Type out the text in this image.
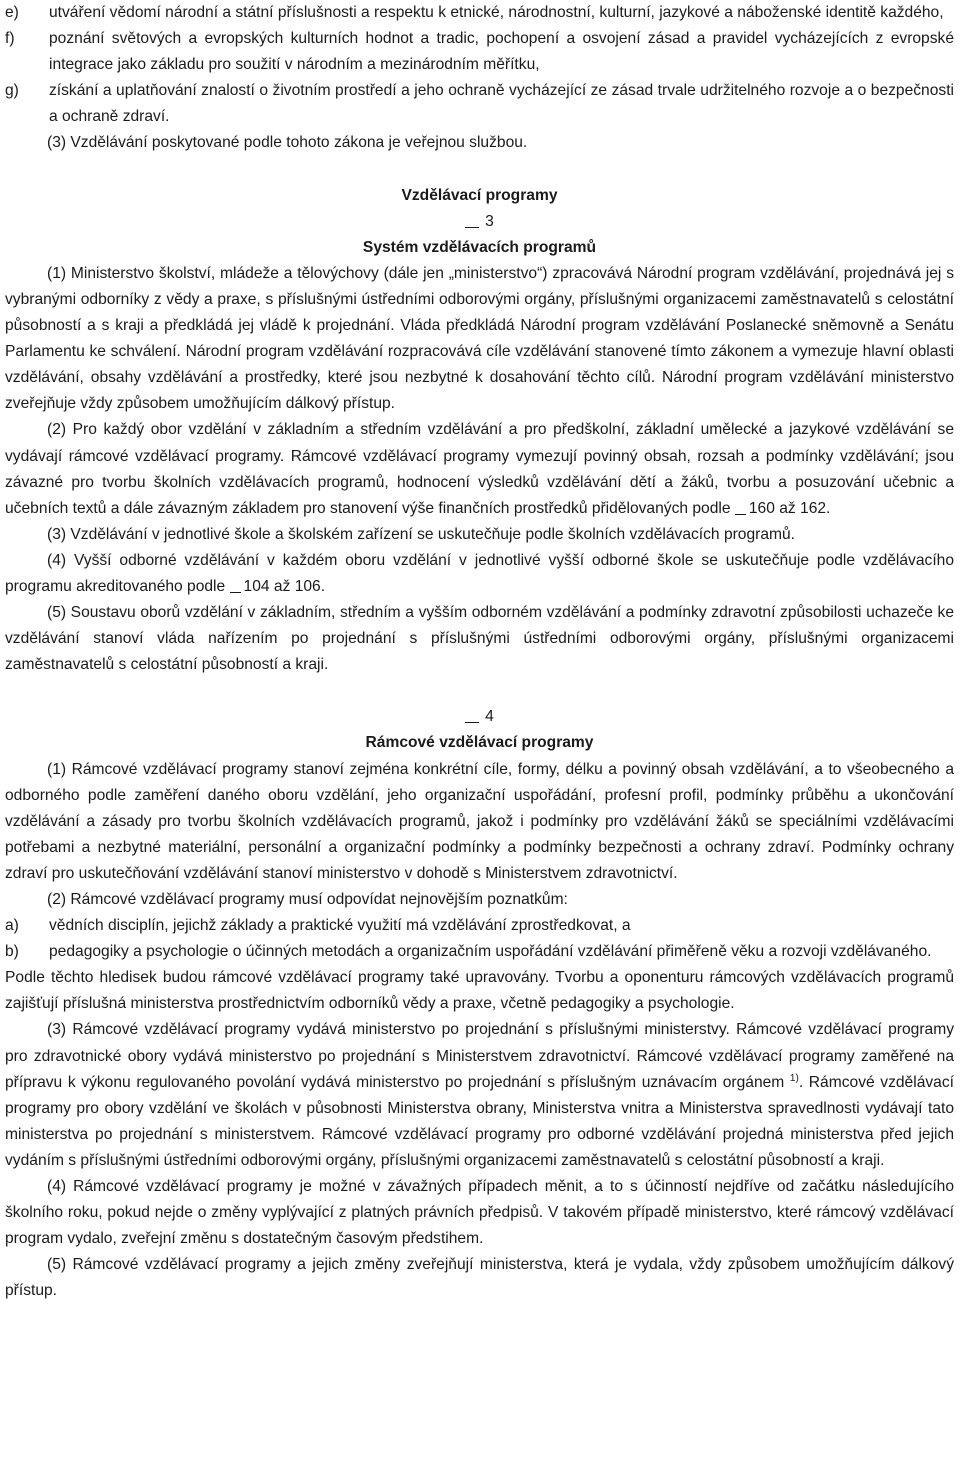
e)	utváření vědomí národní a státní příslušnosti a respektu k etnické, národnostní, kulturní, jazykové a náboženské identitě každého,
f)	poznání světových a evropských kulturních hodnot a tradic, pochopení a osvojení zásad a pravidel vycházejících z evropské integrace jako základu pro soužití v národním a mezinárodním měřítku,
g)	získání a uplatňování znalostí o životním prostředí a jeho ochraně vycházející ze zásad trvale udržitelného rozvoje a o bezpečnosti a ochraně zdraví.

(3) Vzdělávání poskytované podle tohoto zákona je veřejnou službou.

Vzdělávací programy
3
Systém vzdělávacích programů

(1) Ministerstvo školství, mládeže a tělovýchovy (dále jen „ministerstvo“) zpracovává Národní program vzdělávání, projednává jej s vybranými odborníky z vědy a praxe, s příslušnými ústředními odborovými orgány, příslušnými organizacemi zaměstnavatelů s celostátní působností a s kraji a předkládá jej vládě k projednání. Vláda předkládá Národní program vzdělávání Poslanecké sněmovně a Senátu Parlamentu ke schválení. Národní program vzdělávání rozpracovává cíle vzdělávání stanovené tímto zákonem a vymezuje hlavní oblasti vzdělávání, obsahy vzdělávání a prostředky, které jsou nezbytné k dosahování těchto cílů. Národní program vzdělávání ministerstvo zveřejňuje vždy způsobem umožňujícím dálkový přístup.

(2) Pro každý obor vzdělání v základním a středním vzdělávání a pro předškolní, základní umělecké a jazykové vzdělávání se vydávají rámcové vzdělávací programy. Rámcové vzdělávací programy vymezují povinný obsah, rozsah a podmínky vzdělávání; jsou závazné pro tvorbu školních vzdělávacích programů, hodnocení výsledků vzdělávání dětí a žáků, tvorbu a posuzování učebnic a učebních textů a dále závazným základem pro stanovení výše finančních prostředků přidělovaných podle 160 až 162.

(3) Vzdělávání v jednotlivé škole a školském zařízení se uskutečňuje podle školních vzdělávacích programů.

(4) Vyšší odborné vzdělávání v každém oboru vzdělání v jednotlivé vyšší odborné škole se uskutečňuje podle vzdělávacího programu akreditovaného podle 104 až 106.

(5) Soustavu oborů vzdělání v základním, středním a vyšším odborném vzdělávání a podmínky zdravotní způsobilosti uchazeče ke vzdělávání stanoví vláda nařízením po projednání s příslušnými ústředními odborovými orgány, příslušnými organizacemi zaměstnavatelů s celostátní působností a kraji.

4
Rámcové vzdělávací programy

(1) Rámcové vzdělávací programy stanoví zejména konkrétní cíle, formy, délku a povinný obsah vzdělávání, a to všeobecného a odborného podle zaměření daného oboru vzdělání, jeho organizační uspořádání, profesní profil, podmínky průběhu a ukončování vzdělávání a zásady pro tvorbu školních vzdělávacích programů, jakož i podmínky pro vzdělávání žáků se speciálními vzdělávacími potřebami a nezbytné materiální, personální a organizační podmínky a podmínky bezpečnosti a ochrany zdraví. Podmínky ochrany zdraví pro uskutečňování vzdělávání stanoví ministerstvo v dohodě s Ministerstvem zdravotnictví.

(2) Rámcové vzdělávací programy musí odpovídat nejnovějším poznatkům:

a)	vědních disciplín, jejichž základy a praktické využití má vzdělávání zprostředkovat, a
b)	pedagogiky a psychologie o účinných metodách a organizačním uspořádání vzdělávání přiměřeně věku a rozvoji vzdělávaného.

Podle těchto hledisek budou rámcové vzdělávací programy také upravovány. Tvorbu a oponenturu rámcových vzdělávacích programů zajišťují příslušná ministerstva prostřednictvím odborníků vědy a praxe, včetně pedagogiky a psychologie.

(3) Rámcové vzdělávací programy vydává ministerstvo po projednání s příslušnými ministerstvy. Rámcové vzdělávací programy pro zdravotnické obory vydává ministerstvo po projednání s Ministerstvem zdravotnictví. Rámcové vzdělávací programy zaměřené na přípravu k výkonu regulovaného povolání vydává ministerstvo po projednání s příslušným uznávacím orgánem $^{1)}$. Rámcové vzdělávací programy pro obory vzdělání ve školách v působnosti Ministerstva obrany, Ministerstva vnitra a Ministerstva spravedlnosti vydávají tato ministerstva po projednání s ministerstvem. Rámcové vzdělávací programy pro odborné vzdělávání projedná ministerstva před jejich vydáním s příslušnými ústředními odborovými orgány, příslušnými organizacemi zaměstnavatelů s celostátní působností a kraji.

(4) Rámcové vzdělávací programy je možné v závažných případech měnit, a to s účinností nejdříve od začátku následujícího školního roku, pokud nejde o změny vyplývající z platných právních předpisů. V takovém případě ministerstvo, které rámcový vzdělávací program vydalo, zveřejní změnu s dostatečným časovým předstihem.

(5) Rámcové vzdělávací programy a jejich změny zveřejňují ministerstva, která je vydala, vždy způsobem umožňujícím dálkový přístup.
